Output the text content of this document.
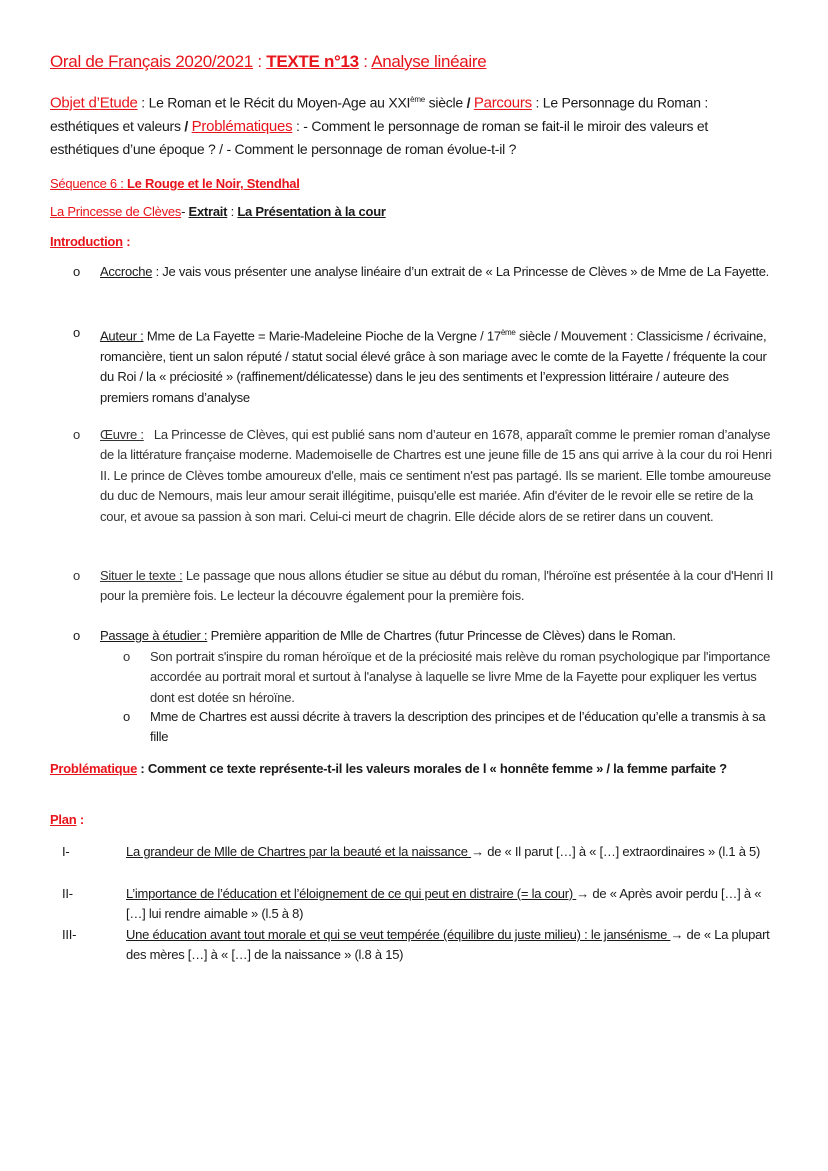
Oral de Français 2020/2021 : TEXTE n°13 : Analyse linéaire
Objet d’Etude : Le Roman et le Récit du Moyen-Age au XXIème siècle / Parcours : Le Personnage du Roman : esthétiques et valeurs / Problématiques : - Comment le personnage de roman se fait-il le miroir des valeurs et esthétiques d’une époque ? / - Comment le personnage de roman évolue-t-il ?
Séquence 6 : Le Rouge et le Noir, Stendhal
La Princesse de Clèves- Extrait : La Présentation à la cour
Introduction :
o Accroche : Je vais vous présenter une analyse linéaire d’un extrait de « La Princesse de Clèves » de Mme de La Fayette.
o Auteur : Mme de La Fayette = Marie-Madeleine Pioche de la Vergne / 17ème siècle / Mouvement : Classicisme / écrivaine, romancière, tient un salon réputé / statut social élevé grâce à son mariage avec le comte de la Fayette / fréquente la cour du Roi / la « préciosité » (raffinement/délicatesse) dans le jeu des sentiments et l’expression littéraire / auteure des premiers romans d’analyse
o Œuvre :   La Princesse de Clèves, qui est publié sans nom d’auteur en 1678, apparaît comme le premier roman d’analyse de la littérature française moderne. Mademoiselle de Chartres est une jeune fille de 15 ans qui arrive à la cour du roi Henri II. Le prince de Clèves tombe amoureux d'elle, mais ce sentiment n'est pas partagé. Ils se marient. Elle tombe amoureuse du duc de Nemours, mais leur amour serait illégitime, puisqu'elle est mariée. Afin d'éviter de le revoir elle se retire de la cour, et avoue sa passion à son mari. Celui-ci meurt de chagrin. Elle décide alors de se retirer dans un couvent.
o Situer le texte : Le passage que nous allons étudier se situe au début du roman, l'héroïne est présentée à la cour d'Henri II pour la première fois. Le lecteur la découvre également pour la première fois.
o Passage à étudier : Première apparition de Mlle de Chartres (futur Princesse de Clèves) dans le Roman.
o Son portrait s'inspire du roman héroïque et de la préciosité mais relève du roman psychologique par l'importance accordée au portrait moral et surtout à l'analyse à laquelle se livre Mme de la Fayette pour expliquer les vertus dont est dotée sn héroïne.
o Mme de Chartres est aussi décrite à travers la description des principes et de l’éducation qu’elle a transmis à sa fille
Problématique : Comment ce texte représente-t-il les valeurs morales de l « honnête femme » / la femme parfaite ?
Plan :
I-	La grandeur de Mlle de Chartres par la beauté et la naissance → de « Il parut […] à « […] extraordinaires » (l.1 à 5)
II-	L’importance de l’éducation et l’éloignement de ce qui peut en distraire (= la cour) → de « Après avoir perdu […] à « […] lui rendre aimable » (l.5 à 8)
III-	Une éducation avant tout morale et qui se veut tempérée (équilibre du juste milieu) : le jansénisme → de « La plupart des mères […] à « […] de la naissance » (l.8 à 15)
